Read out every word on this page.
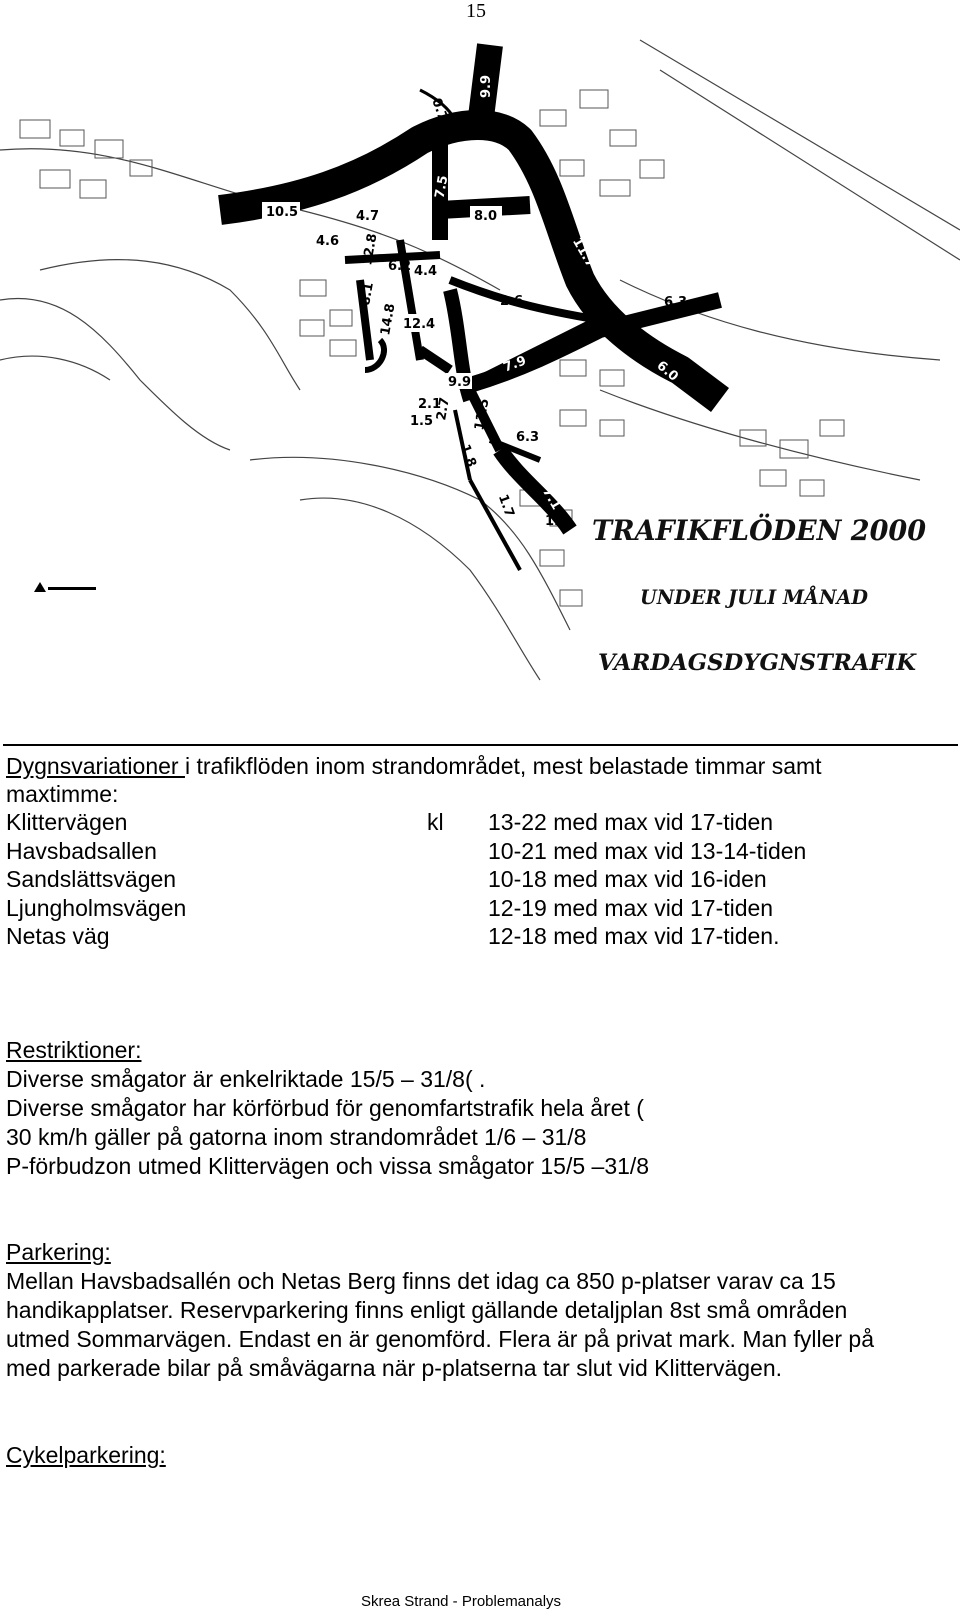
15
9.9
0.7
10.5
7.5
8.0
4.7
4.6 12.8 6.2 4.4
8.1
14.8
11.7
2.6	6.3
12.4
9.9
7.9	6.0
2.1
1.5 2.7 11.5
6.3
7.1
1.7
1.8
1.3 TRAFIKFLÖDEN 2000
UNDER JULI MÅNAD
VARDAGSDYGNSTRAFIK
Dygnsvariationer i trafikflöden inom strandområdet, mest belastade timmar samt
maxtimme:
Klittervägen	kl 13-22 med max vid 17-tiden
Havsbadsallen	10-21 med max vid 13-14-tiden
Sandslättsvägen	10-18 med max vid 16-iden
Ljungholmsvägen	12-19 med max vid 17-tiden
Netas väg	12-18 med max vid 17-tiden.
Restriktioner:
Diverse smågator är enkelriktade 15/5 – 31/8( .
Diverse smågator har körförbud för genomfartstrafik hela året (
30 km/h gäller på gatorna inom strandområdet 1/6 – 31/8
P-förbudzon utmed Klittervägen och vissa smågator 15/5 –31/8
Parkering:
Mellan Havsbadsallén och Netas Berg finns det idag ca 850 p-platser varav ca 15
handikapplatser. Reservparkering finns enligt gällande detaljplan 8st små områden
utmed Sommarvägen. Endast en är genomförd. Flera är på privat mark. Man fyller på
med parkerade bilar på småvägarna när p-platserna tar slut vid Klittervägen.
Cykelparkering:
Skrea Strand - Problemanalys
